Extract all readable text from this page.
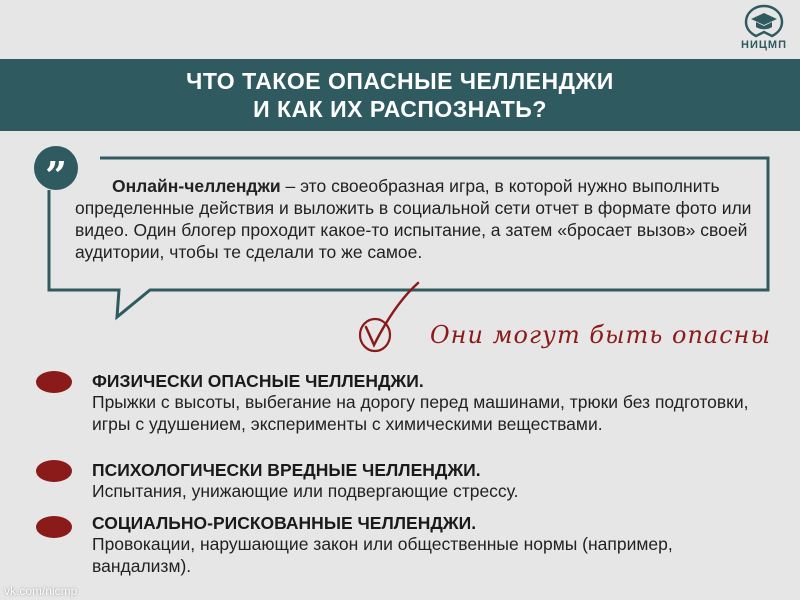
НИЦМП
ЧТО ТАКОЕ ОПАСНЫЕ ЧЕЛЛЕНДЖИ
И КАК ИХ РАСПОЗНАТЬ?
”	Онлайн-челленджи – это своеобразная игра, в которой нужно выполнить определенные действия и выложить в социальной сети отчет в формате фото или видео. Один блогер проходит какое-то испытание, а затем «бросает вызов» своей аудитории, чтобы те сделали то же самое.
Они могут быть опасны
ФИЗИЧЕСКИ ОПАСНЫЕ ЧЕЛЛЕНДЖИ.
Прыжки с высоты, выбегание на дорогу перед машинами, трюки без подготовки, игры с удушением, эксперименты с химическими веществами.
ПСИХОЛОГИЧЕСКИ ВРЕДНЫЕ ЧЕЛЛЕНДЖИ.
Испытания, унижающие или подвергающие стрессу.
СОЦИАЛЬНО-РИСКОВАННЫЕ ЧЕЛЛЕНДЖИ.
Провокации, нарушающие закон или общественные нормы (например, вандализм).
vk.com/nicmp
